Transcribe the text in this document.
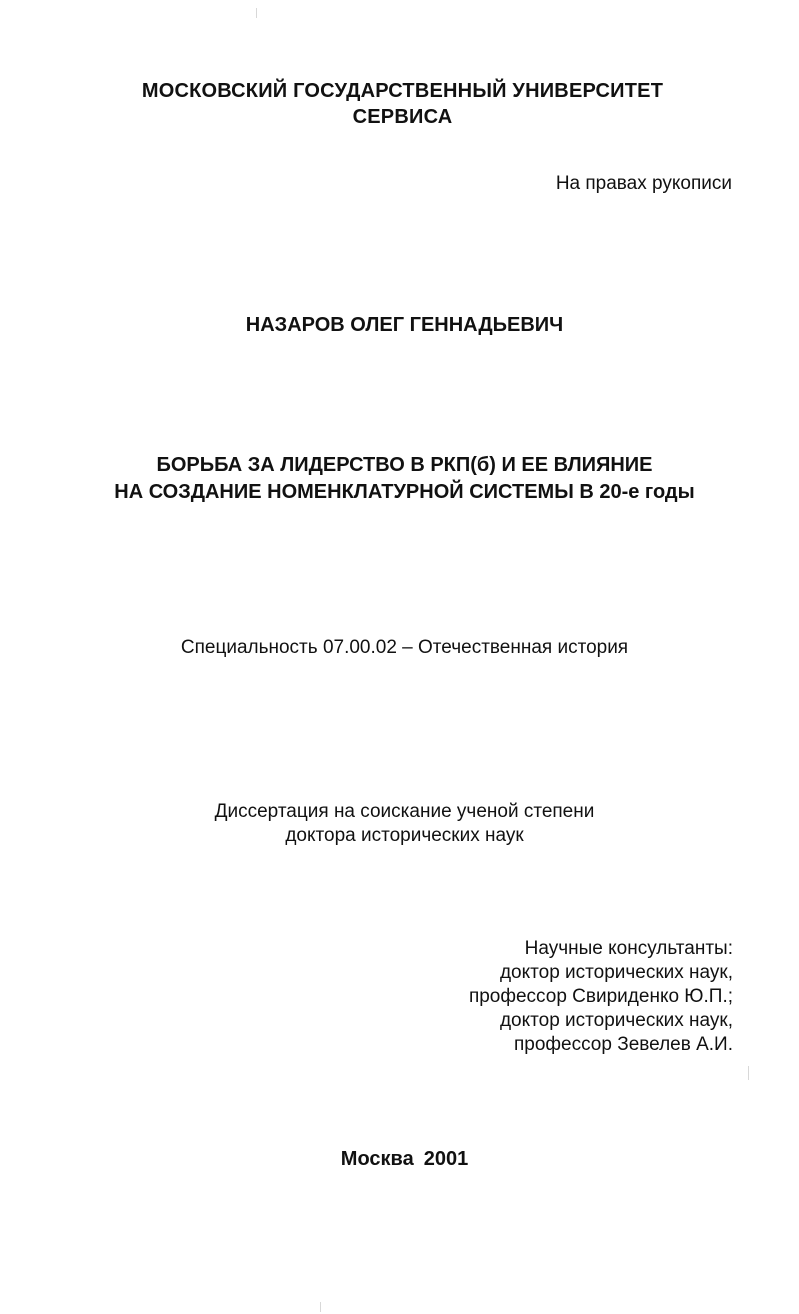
МОСКОВСКИЙ ГОСУДАРСТВЕННЫЙ УНИВЕРСИТЕТ
СЕРВИСА
На правах рукописи
НАЗАРОВ ОЛЕГ ГЕННАДЬЕВИЧ
БОРЬБА ЗА ЛИДЕРСТВО В РКП(б) И ЕЕ ВЛИЯНИЕ
НА СОЗДАНИЕ НОМЕНКЛАТУРНОЙ СИСТЕМЫ В 20-е годы
Специальность 07.00.02 – Отечественная история
Диссертация на соискание ученой степени
доктора исторических наук
Научные консультанты:
доктор исторических наук,
профессор Свириденко Ю.П.;
доктор исторических наук,
профессор Зевелев А.И.
Москва 2001
